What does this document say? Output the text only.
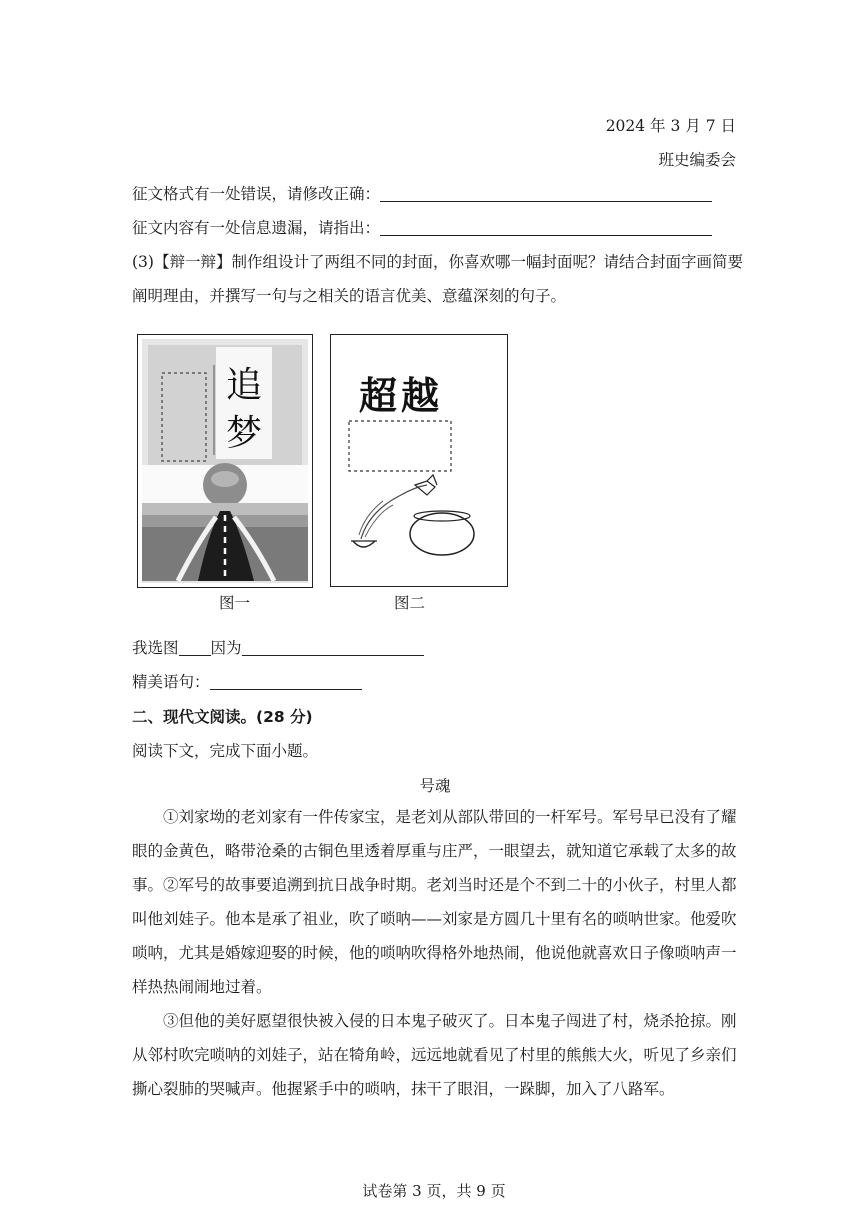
2024 年 3 月 7 日
班史编委会
征文格式有一处错误，请修改正确：
征文内容有一处信息遗漏，请指出：
(3)【辩一辩】制作组设计了两组不同的封面，你喜欢哪一幅封面呢？请结合封面字画简要
阐明理由，并撰写一句与之相关的语言优美、意蕴深刻的句子。
追
梦
图一
超越
图二
我选图 因为
精美语句：
二、现代文阅读。(28 分)
阅读下文，完成下面小题。
号魂
①刘家坳的老刘家有一件传家宝，是老刘从部队带回的一杆军号。军号早已没有了耀眼的金黄色，略带沧桑的古铜色里透着厚重与庄严，一眼望去，就知道它承载了太多的故事。 ②军号的故事要追溯到抗日战争时期。老刘当时还是个不到二十的小伙子，村里人都叫他刘娃子。他本是承了祖业，吹了唢呐——刘家是方圆几十里有名的唢呐世家。他爱吹唢呐，尤其是婚嫁迎娶的时候，他的唢呐吹得格外地热闹，他说他就喜欢日子像唢呐声一样热热闹闹地过着。
③但他的美好愿望很快被入侵的日本鬼子破灭了。日本鬼子闯进了村，烧杀抢掠。刚从邻村吹完唢呐的刘娃子，站在犄角岭，远远地就看见了村里的熊熊大火，听见了乡亲们撕心裂肺的哭喊声。他握紧手中的唢呐，抹干了眼泪，一跺脚，加入了八路军。
试卷第 3 页，共 9 页
